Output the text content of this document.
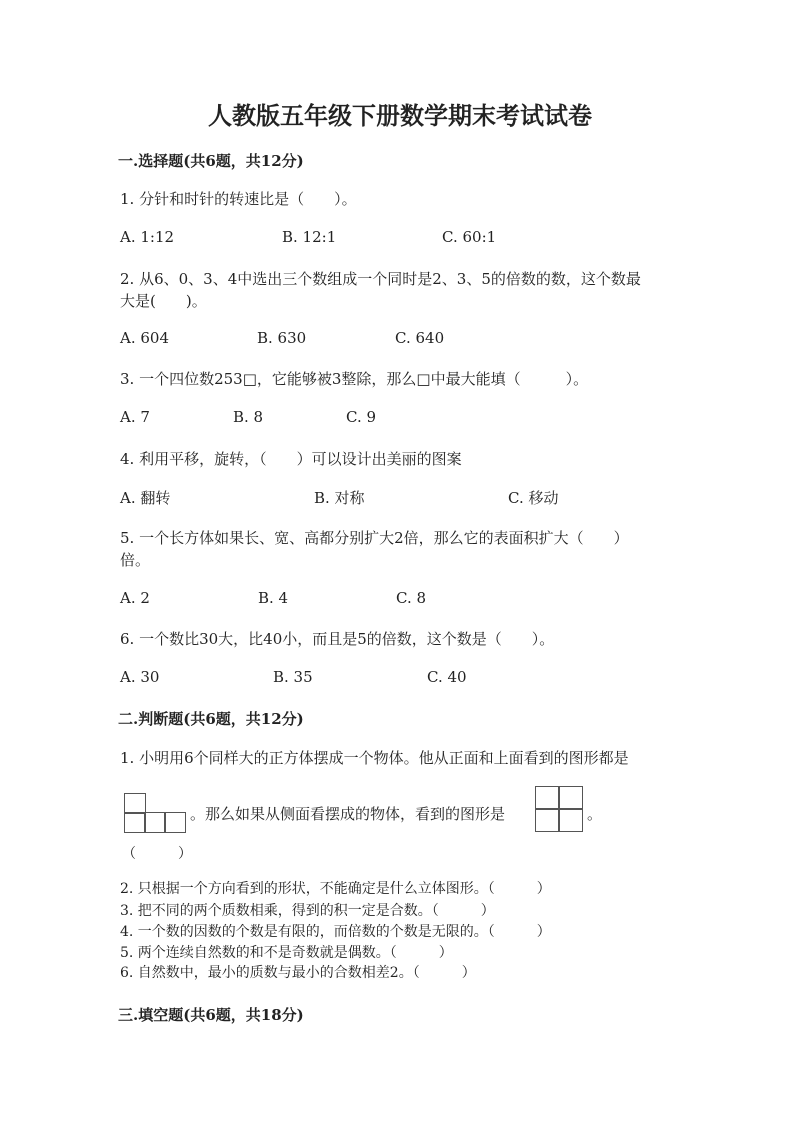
人教版五年级下册数学期末考试试卷
一.选择题(共6题，共12分)
1. 分针和时针的转速比是（　　）。
A. 1:12	B. 12:1	C. 60:1
2. 从6、0、3、4中选出三个数组成一个同时是2、3、5的倍数的数，这个数最
大是(　　)。
A. 604	B. 630	C. 640
3. 一个四位数253□，它能够被3整除，那么□中最大能填（　　　）。
A. 7	B. 8	C. 9
4. 利用平移，旋转，（　　）可以设计出美丽的图案
A. 翻转	B. 对称	C. 移动
5. 一个长方体如果长、宽、高都分别扩大2倍，那么它的表面积扩大（　　）
倍。
A. 2	B. 4	C. 8
6. 一个数比30大，比40小，而且是5的倍数，这个数是（　　）。
A. 30	B. 35	C. 40
二.判断题(共6题，共12分)
1. 小明用6个同样大的正方体摆成一个物体。他从正面和上面看到的图形都是
。那么如果从侧面看摆成的物体，看到的图形是	。
（　　　）
2. 只根据一个方向看到的形状，不能确定是什么立体图形。（　　　）
3. 把不同的两个质数相乘，得到的积一定是合数。（　　　）
4. 一个数的因数的个数是有限的，而倍数的个数是无限的。（　　　）
5. 两个连续自然数的和不是奇数就是偶数。（　　　）
6. 自然数中，最小的质数与最小的合数相差2。（　　　）
三.填空题(共6题，共18分)
